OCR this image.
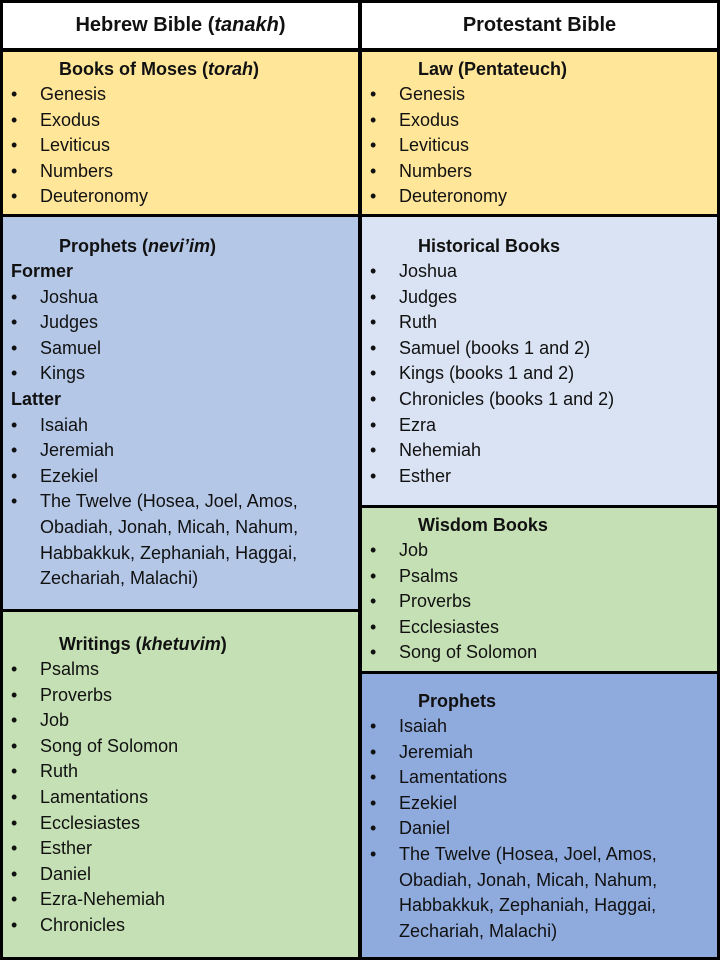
Hebrew Bible ( tanakh )
Books of Moses (torah)
• Genesis
• Exodus
• Leviticus
• Numbers
• Deuteronomy
Prophets (nevi’im)
Former
• Joshua
• Judges
• Samuel
• Kings
Latter
• Isaiah
• Jeremiah
• Ezekiel
• The Twelve (Hosea, Joel, Amos, Obadiah, Jonah, Micah, Nahum, Habbakkuk, Zephaniah, Haggai, Zechariah, Malachi)
Writings (khetuvim)
• Psalms
• Proverbs
• Job
• Song of Solomon
• Ruth
• Lamentations
• Ecclesiastes
• Esther
• Daniel
• Ezra-Nehemiah
• Chronicles
Protestant Bible
Law (Pentateuch)
• Genesis
• Exodus
• Leviticus
• Numbers
• Deuteronomy
Historical Books
• Joshua
• Judges
• Ruth
• Samuel (books 1 and 2)
• Kings (books 1 and 2)
• Chronicles (books 1 and 2)
• Ezra
• Nehemiah
• Esther
Wisdom Books
• Job
• Psalms
• Proverbs
• Ecclesiastes
• Song of Solomon
Prophets
• Isaiah
• Jeremiah
• Lamentations
• Ezekiel
• Daniel
• The Twelve (Hosea, Joel, Amos, Obadiah, Jonah, Micah, Nahum, Habbakkuk, Zephaniah, Haggai, Zechariah, Malachi)
